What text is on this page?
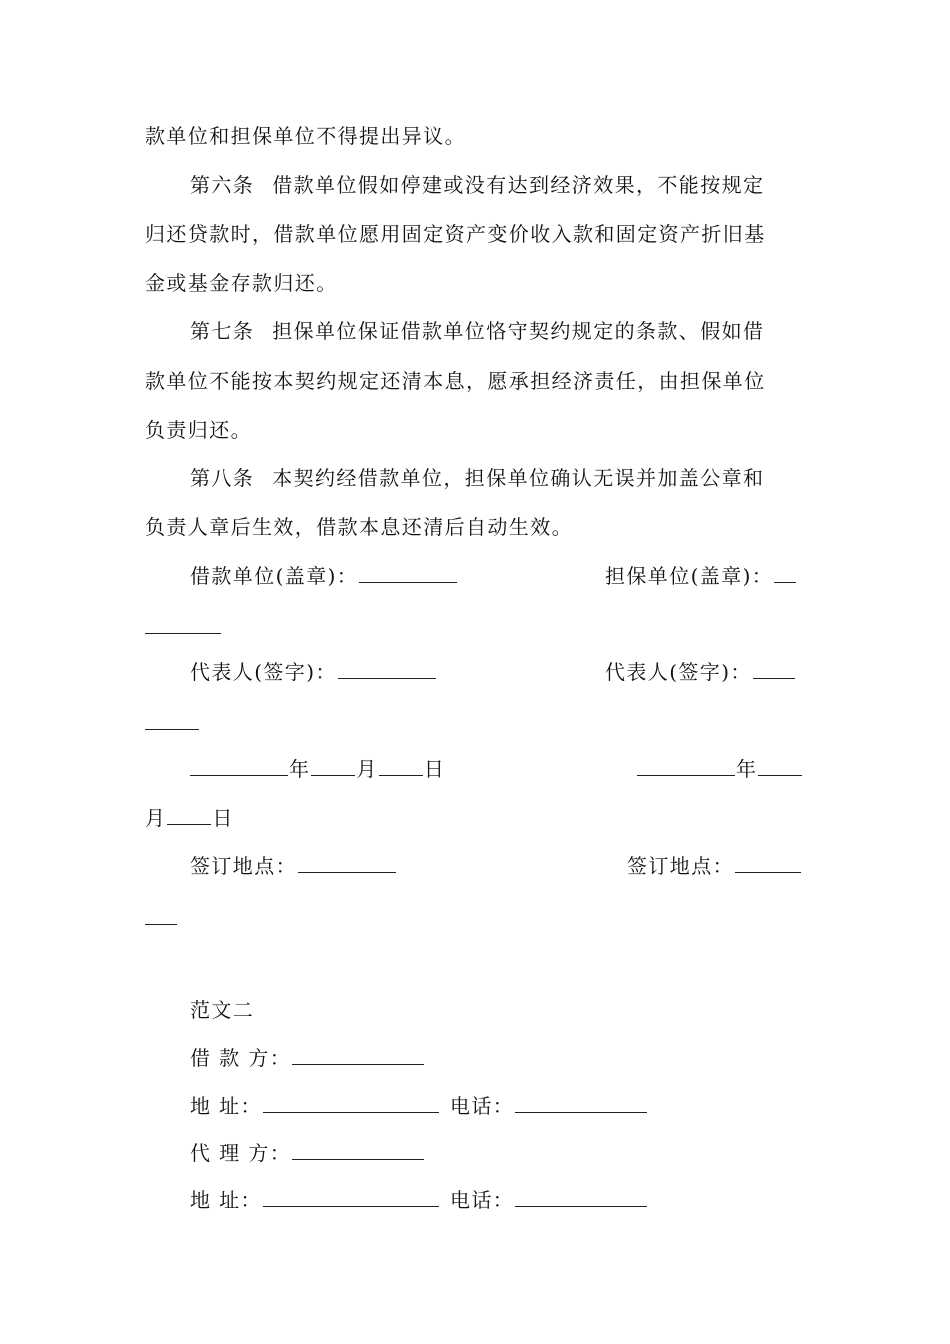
款单位和担保单位不得提出异议。
第六条 借款单位假如停建或没有达到经济效果，不能按规定
归还贷款时，借款单位愿用固定资产变价收入款和固定资产折旧基
金或基金存款归还。
第七条 担保单位保证借款单位恪守契约规定的条款、假如借
款单位不能按本契约规定还清本息，愿承担经济责任，由担保单位
负责归还。
第八条 本契约经借款单位，担保单位确认无误并加盖公章和
负责人章后生效，借款本息还清后自动生效。
借款单位(盖章)：	担保单位(盖章)：
代表人(签字)：	代表人(签字)：
年 月 日	年
月 日
签订地点：	签订地点：
范文二
借 款 方：
地 址：	电话：
代 理 方：
地 址：	电话：
